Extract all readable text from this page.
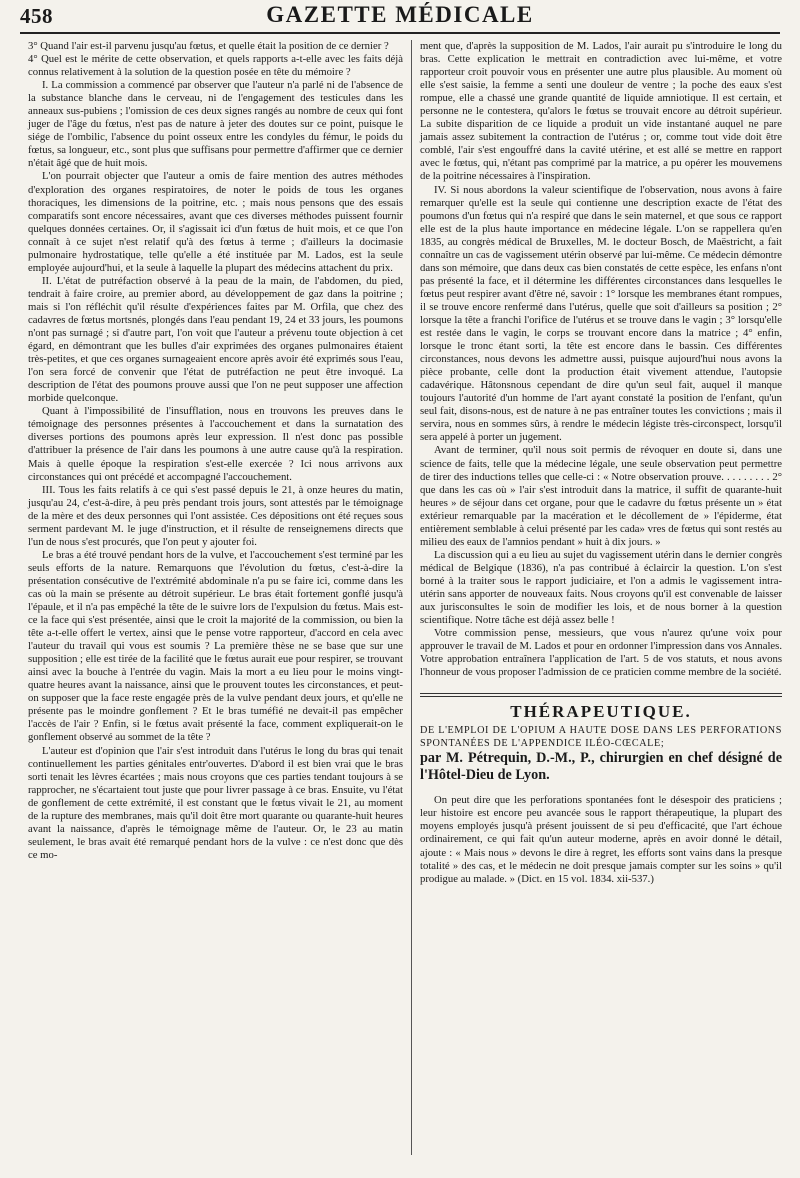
458	GAZETTE MÉDICALE

3° Quand l'air est-il parvenu jusqu'au fœtus, et quelle était la position de ce dernier ?

4° Quel est le mérite de cette observation, et quels rapports a-t-elle avec les faits déjà connus relativement à la solution de la question posée en tête du mémoire ?

I. La commission a commencé par observer que l'auteur n'a parlé ni de l'absence de la substance blanche dans le cerveau, ni de l'engagement des testicules dans les anneaux sus-pubiens ; l'omission de ces deux signes rangés au nombre de ceux qui font juger de l'âge du fœtus, n'est pas de nature à jeter des doutes sur ce point, puisque le siége de l'ombilic, l'absence du point osseux entre les condyles du fémur, le poids du fœtus, sa longueur, etc., sont plus que suffisans pour permettre d'affirmer que ce dernier n'était âgé que de huit mois.

L'on pourrait objecter que l'auteur a omis de faire mention des autres méthodes d'exploration des organes respiratoires, de noter le poids de tous les organes thoraciques, les dimensions de la poitrine, etc. ; mais nous pensons que des essais comparatifs sont encore nécessaires, avant que ces diverses méthodes puissent fournir quelques données certaines. Or, il s'agissait ici d'un fœtus de huit mois, et ce que l'on connaît à ce sujet n'est relatif qu'à des fœtus à terme ; d'ailleurs la docimasie pulmonaire hydrostatique, telle qu'elle a été instituée par M. Lados, est la seule employée aujourd'hui, et la seule à laquelle la plupart des médecins attachent du prix.

II. L'état de putréfaction observé à la peau de la main, de l'abdomen, du pied, tendrait à faire croire, au premier abord, au développement de gaz dans la poitrine ; mais si l'on réfléchit qu'il résulte d'expériences faites par M. Orfila, que chez des cadavres de fœtus mortsnés, plongés dans l'eau pendant 19, 24 et 33 jours, les poumons n'ont pas surnagé ; si d'autre part, l'on voit que l'auteur a prévenu toute objection à cet égard, en démontrant que les bulles d'air exprimées des organes pulmonaires étaient très-petites, et que ces organes surnageaient encore après avoir été exprimés sous l'eau, l'on sera forcé de convenir que l'état de putréfaction ne peut être invoqué. La description de l'état des poumons prouve aussi que l'on ne peut supposer une affection morbide quelconque.

Quant à l'impossibilité de l'insufflation, nous en trouvons les preuves dans le témoignage des personnes présentes à l'accouchement et dans la surnatation des diverses portions des poumons après leur expression. Il n'est donc pas possible d'attribuer la présence de l'air dans les poumons à une autre cause qu'à la respiration. Mais à quelle époque la respiration s'est-elle exercée ? Ici nous arrivons aux circonstances qui ont précédé et accompagné l'accouchement.

III. Tous les faits relatifs à ce qui s'est passé depuis le 21, à onze heures du matin, jusqu'au 24, c'est-à-dire, à peu près pendant trois jours, sont attestés par le témoignage de la mère et des deux personnes qui l'ont assistée. Ces dépositions ont été reçues sous serment pardevant M. le juge d'instruction, et il résulte de renseignemens directs que l'un de nous s'est procurés, que l'on peut y ajouter foi.

Le bras a été trouvé pendant hors de la vulve, et l'accouchement s'est terminé par les seuls efforts de la nature. Remarquons que l'évolution du fœtus, c'est-à-dire la présentation consécutive de l'extrémité abdominale n'a pu se faire ici, comme dans les cas où la main se présente au détroit supérieur. Le bras était fortement gonflé jusqu'à l'épaule, et il n'a pas empêché la tête de le suivre lors de l'expulsion du fœtus. Mais est-ce la face qui s'est présentée, ainsi que le croit la majorité de la commission, ou bien la tête a-t-elle offert le vertex, ainsi que le pense votre rapporteur, d'accord en cela avec l'auteur du travail qui vous est soumis ? La première thèse ne se base que sur une supposition ; elle est tirée de la facilité que le fœtus aurait eue pour respirer, se trouvant ainsi avec la bouche à l'entrée du vagin. Mais la mort a eu lieu pour le moins vingt-quatre heures avant la naissance, ainsi que le prouvent toutes les circonstances, et peut-on supposer que la face reste engagée près de la vulve pendant deux jours, et qu'elle ne présente pas le moindre gonflement ? Et le bras tuméfié ne devait-il pas empêcher l'accès de l'air ? Enfin, si le fœtus avait présenté la face, comment expliquerait-on le gonflement observé au sommet de la tête ?

L'auteur est d'opinion que l'air s'est introduit dans l'utérus le long du bras qui tenait continuellement les parties génitales entr'ouvertes. D'abord il est bien vrai que le bras sorti tenait les lèvres écartées ; mais nous croyons que ces parties tendant toujours à se rapprocher, ne s'écartaient tout juste que pour livrer passage à ce bras. Ensuite, vu l'état de gonflement de cette extrémité, il est constant que le fœtus vivait le 21, au moment de la rupture des membranes, mais qu'il doit être mort quarante ou quarante-huit heures avant la naissance, d'après le témoignage même de l'auteur. Or, le 23 au matin seulement, le bras avait été remarqué pendant hors de la vulve : ce n'est donc que dès ce mo-

ment que, d'après la supposition de M. Lados, l'air aurait pu s'introduire le long du bras. Cette explication le mettrait en contradiction avec lui-même, et votre rapporteur croit pouvoir vous en présenter une autre plus plausible. Au moment où elle s'est saisie, la femme a senti une douleur de ventre ; la poche des eaux s'est rompue, elle a chassé une grande quantité de liquide amniotique. Il est certain, et personne ne le contestera, qu'alors le fœtus se trouvait encore au détroit supérieur. La subite disparition de ce liquide a produit un vide instantané auquel ne pare jamais assez subitement la contraction de l'utérus ; or, comme tout vide doit être comblé, l'air s'est engouffré dans la cavité utérine, et est allé se mettre en rapport avec le fœtus, qui, n'étant pas comprimé par la matrice, a pu opérer les mouvemens de la poitrine nécessaires à l'inspiration.

IV. Si nous abordons la valeur scientifique de l'observation, nous avons à faire remarquer qu'elle est la seule qui contienne une description exacte de l'état des poumons d'un fœtus qui n'a respiré que dans le sein maternel, et que sous ce rapport elle est de la plus haute importance en médecine légale. L'on se rappellera qu'en 1835, au congrès médical de Bruxelles, M. le docteur Bosch, de Maëstricht, a fait connaître un cas de vagissement utérin observé par lui-même. Ce médecin démontre dans son mémoire, que dans deux cas bien constatés de cette espèce, les enfans n'ont pas présenté la face, et il détermine les différentes circonstances dans lesquelles le fœtus peut respirer avant d'être né, savoir : 1° lorsque les membranes étant rompues, il se trouve encore renfermé dans l'utérus, quelle que soit d'ailleurs sa position ; 2° lorsque la tête a franchi l'orifice de l'utérus et se trouve dans le vagin ; 3° lorsqu'elle est restée dans le vagin, le corps se trouvant encore dans la matrice ; 4° enfin, lorsque le tronc étant sorti, la tête est encore dans le bassin. Ces différentes circonstances, nous devons les admettre aussi, puisque aujourd'hui nous avons la pièce probante, celle dont la production était vivement attendue, l'autopsie cadavérique. Hâtonsnous cependant de dire qu'un seul fait, auquel il manque toujours l'autorité d'un homme de l'art ayant constaté la position de l'enfant, qu'un seul fait, disons-nous, est de nature à ne pas entraîner toutes les convictions ; mais il servira, nous en sommes sûrs, à rendre le médecin légiste très-circonspect, lorsqu'il sera appelé à porter un jugement.

Avant de terminer, qu'il nous soit permis de révoquer en doute si, dans une science de faits, telle que la médecine légale, une seule observation peut permettre de tirer des inductions telles que celle-ci : « Notre observation prouve. . . . . . . . . 2° que dans les cas où » l'air s'est introduit dans la matrice, il suffit de quarante-huit heures » de séjour dans cet organe, pour que le cadavre du fœtus présente un » état extérieur remarquable par la macération et le décollement de » l'épiderme, état entièrement semblable à celui présenté par les cada» vres de fœtus qui sont restés au milieu des eaux de l'amnios pendant » huit à dix jours. »

La discussion qui a eu lieu au sujet du vagissement utérin dans le dernier congrès médical de Belgique (1836), n'a pas contribué à éclaircir la question. L'on s'est borné à la traiter sous le rapport judiciaire, et l'on a admis le vagissement intra-utérin sans apporter de nouveaux faits. Nous croyons qu'il est convenable de laisser aux jurisconsultes le soin de modifier les lois, et de nous borner à la question scientifique. Notre tâche est déjà assez belle !

Votre commission pense, messieurs, que vous n'aurez qu'une voix pour approuver le travail de M. Lados et pour en ordonner l'impression dans vos Annales. Votre approbation entraînera l'application de l'art. 5 de vos statuts, et nous avons l'honneur de vous proposer l'admission de ce praticien comme membre de la société.

THÉRAPEUTIQUE.
DE L'EMPLOI DE L'OPIUM A HAUTE DOSE DANS LES PERFORATIONS SPONTANÉES DE L'APPENDICE ILÉO-CŒCALE;
par M. Pétrequin, D.-M., P., chirurgien en chef désigné de l'Hôtel-Dieu de Lyon.

On peut dire que les perforations spontanées font le désespoir des praticiens ; leur histoire est encore peu avancée sous le rapport thérapeutique, la plupart des moyens employés jusqu'à présent jouissent de si peu d'efficacité, que l'art échoue ordinairement, ce qui fait qu'un auteur moderne, après en avoir donné le détail, ajoute : « Mais nous » devons le dire à regret, les efforts sont vains dans la presque totalité » des cas, et le médecin ne doit presque jamais compter sur les soins » qu'il prodigue au malade. » (Dict. en 15 vol. 1834. xii-537.)
